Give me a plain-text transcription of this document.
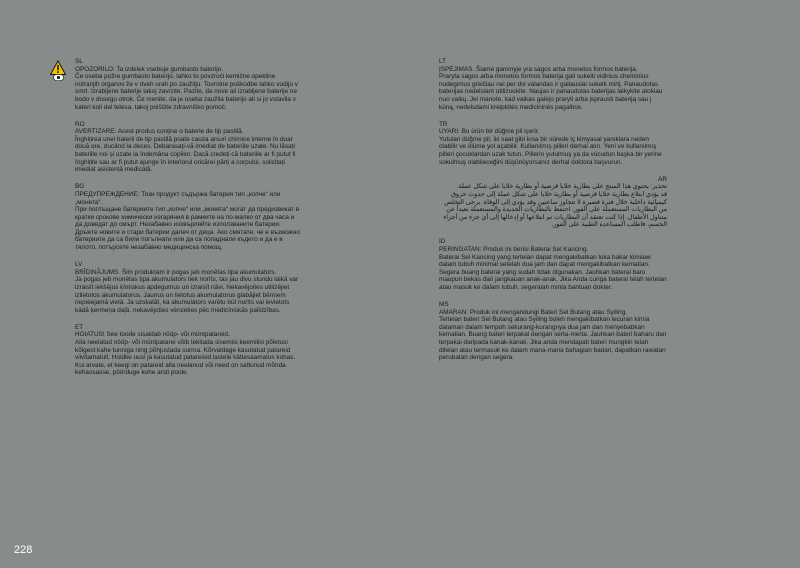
SL
OPOZORILO: Ta izdelek vsebuje gumbasto baterijo.
Če oseba požre gumbasto baterijo, lahko to povzroči kemične opekline notranjih organov že v dveh urah po zaužitju. Tovrstne poškodbe lahko vodijo v smrt. Izrabljene baterije takoj zavrzite. Pazite, da nove ali izrabljene baterije ne bodo v dosegu otrok. Če menite, da je oseba zaužila baterijo ali si jo vstavila v kateri koli del telesa, takoj poiščite zdravniško pomoč.
RO
AVERTIZARE: Acest produs conține o baterie de tip pastilă.
Înghițirea unei baterii de tip pastilă poate cauza arsuri chimice interne în doar două ore, ducând la deces. Debarasați-vă imediat de bateriile uzate. Nu lăsați bateriile noi și uzate la îndemâna copiilor. Dacă credeți că bateriile ar fi putut fi înghițite sau ar fi putut ajunge în interiorul oricărei părți a corpului, solicitați imediat asistență medicală.
BG
ПРЕДУПРЕЖДЕНИЕ: Този продукт съдържа батерия тип „копче“ или „монета“.
При поглъщане батериите тип „копче“ или „монета“ могат да предизвикат в кратки срокове химически изгаряния в рамките на по-малко от два часа и да доведат до смърт. Незабавно изхвърляйте използваните батерии. Дръжте новите и стари батерии далеч от деца. Ако смятате, че е възможно батериите да са били погълнати или да са попаднали където и да е в тялото, потърсете незабавно медицинска помощ.
LV
BRĪDINĀJUMS. Šim produktam ir pogas jeb monētas tipa akumulators.
Ja pogas jeb monētas tipa akumulators tiek norīts, tas jau divu stundu laikā var izraisīt iekšējus ķīmiskus apdegumus un izraisīt nāvi. Nekavējoties utilizējiet izlietotos akumulatorus. Jaunus un lietotus akumulatorus glabājiet bērniem nepieejamā vietā. Ja uzskatāt, ka akumulators varētu būt norīts vai ievietots kādā ķermeņa daļā, nekavējoties vērsieties pēc medicīniskās palīdzības.
ET
HOIATUS! See toode sisaldab nööp- või müntpatareid.
Alla neelatud nööp- või müntpatarei võib tekitada sisemisi keemilisi põletusi kõigest kahe tunniga ning põhjustada surma. Kõrvaldage kasutatud patareid viivitamatult. Hoidke uusi ja kasutatud patareisid lastele kättesaamatus kohas. Kui arvate, et keegi on patareid alla neelanud või need on sattunud mõnda kehaosasse, pöörduge kohe arsti poole.
228
LT
ĮSPĖJIMAS. Šiame gaminyje yra sagos arba monetos formos baterija.
Praryta sagos arba monetos formos baterija gali sukelti vidinius cheminius nudegimus greičiau nei per dvi valandas ir galiausiai sukelti mirtį. Panaudotas baterijas nedelsiant utilizuokite. Naujas ir panaudotas baterijas laikykite atokiau nuo vaikų. Jei manote, kad vaikas galėjo praryti arba įsprausti bateriją sau į kūną, nedelsdami kreipkitės medicininės pagalbos.
TR
UYARI: Bu ürün bir düğme pil içerir.
Yutulan düğme pil, iki saat gibi kısa bir sürede iç kimyasal yanıklara neden olabilir ve ölüme yol açabilir. Kullanılmış pilleri derhal atın. Yeni ve kullanılmış pilleri çocuklardan uzak tutun. Pillerin yutulmuş ya da vücudun başka bir yerine sokulmuş olabileceğini düşünüyorsanız derhal doktora başvurun.
AR
تحذير: يحتوي هذا المنتج على بطارية خلايا قرصية أو بطارية خلايا على شكل عملة.
قد يؤدي ابتلاع بطارية خلايا قرصية أو بطارية خلايا على شكل عملة إلى حدوث حروق كيميائية داخلية خلال فترة قصيرة لا تتجاوز ساعتين وقد يؤدي إلى الوفاة. يرجى التخلص من البطاريات المستعملة على الفور. احتفظ بالبطاريات الجديدة والمستعملة بعيداً عن متناول الأطفال. إذا كنت تعتقد أن البطاريات تم ابتلاعها أو إدخالها إلى أي جزء من أجزاء الجسم، فاطلب المساعدة الطبية على الفور.
ID
PERINGATAN: Produk ini berisi Baterai Sel Kancing.
Baterai Sel Kancing yang tertelan dapat mengakibatkan luka bakar kimiawi dalam tubuh minimal setelah dua jam dan dapat mengakibatkan kematian. Segera buang baterai yang sudah tidak digunakan. Jauhkan baterai baru maupun bekas dari jangkauan anak-anak. Jika Anda curiga baterai telah tertelan atau masuk ke dalam tubuh, segeralah minta bantuan dokter.
MS
AMARAN: Produk ini mengandungi Bateri Sel Butang atau Syiling.
Tertelan bateri Sel Butang atau Syiling boleh mengakibatkan lecuran kimia dalaman dalam tempoh sekurang-kurangnya dua jam dan menyebabkan kematian. Buang bateri terpakai dengan serta-merta. Jauhkan bateri baharu dan terpakai daripada kanak-kanak. Jika anda mendapati bateri mungkin telah ditelan atau termasuk ke dalam mana-mana bahagian badan, dapatkan rawatan perubatan dengan segera.
